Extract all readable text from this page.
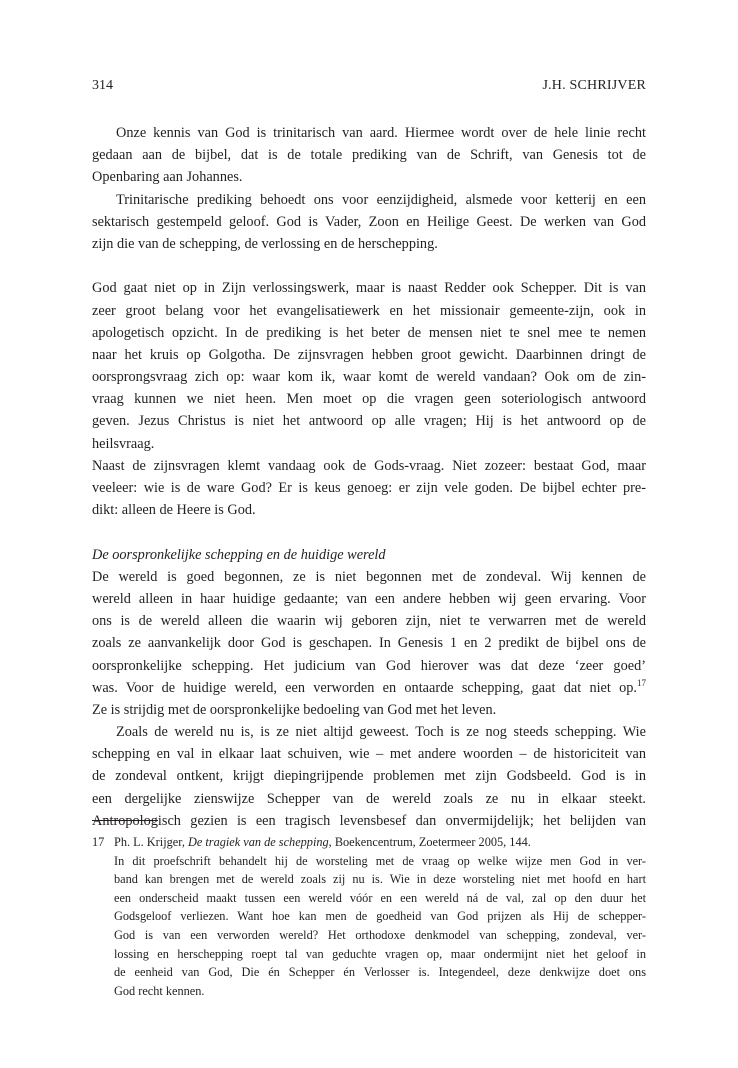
314	J.H. SCHRIJVER
Onze kennis van God is trinitarisch van aard. Hiermee wordt over de hele linie recht
gedaan aan de bijbel, dat is de totale prediking van de Schrift, van Genesis tot de
Openbaring aan Johannes.
Trinitarische prediking behoedt ons voor eenzijdigheid, alsmede voor ketterij en een
sektarisch gestempeld geloof. God is Vader, Zoon en Heilige Geest. De werken van God
zijn die van de schepping, de verlossing en de herschepping.
God gaat niet op in Zijn verlossingswerk, maar is naast Redder ook Schepper. Dit is van
zeer groot belang voor het evangelisatiewerk en het missionair gemeente-zijn, ook in
apologetisch opzicht. In de prediking is het beter de mensen niet te snel mee te nemen
naar het kruis op Golgotha. De zijnsvragen hebben groot gewicht. Daarbinnen dringt de
oorsprongsvraag zich op: waar kom ik, waar komt de wereld vandaan? Ook om de zin-
vraag kunnen we niet heen. Men moet op die vragen geen soteriologisch antwoord
geven. Jezus Christus is niet het antwoord op alle vragen; Hij is het antwoord op de
heilsvraag.
Naast de zijnsvragen klemt vandaag ook de Gods-vraag. Niet zozeer: bestaat God, maar
veeleer: wie is de ware God? Er is keus genoeg: er zijn vele goden. De bijbel echter pre-
dikt: alleen de Heere is God.
De oorspronkelijke schepping en de huidige wereld
De wereld is goed begonnen, ze is niet begonnen met de zondeval. Wij kennen de
wereld alleen in haar huidige gedaante; van een andere hebben wij geen ervaring. Voor
ons is de wereld alleen die waarin wij geboren zijn, niet te verwarren met de wereld
zoals ze aanvankelijk door God is geschapen. In Genesis 1 en 2 predikt de bijbel ons de
oorspronkelijke schepping. Het judicium van God hierover was dat deze ‘zeer goed’
was. Voor de huidige wereld, een verworden en ontaarde schepping, gaat dat niet op.$^{17}$
Ze is strijdig met de oorspronkelijke bedoeling van God met het leven.
Zoals de wereld nu is, is ze niet altijd geweest. Toch is ze nog steeds schepping. Wie
schepping en val in elkaar laat schuiven, wie – met andere woorden – de historiciteit van
de zondeval ontkent, krijgt diepingrijpende problemen met zijn Godsbeeld. God is in
een dergelijke zienswijze Schepper van de wereld zoals ze nu in elkaar steekt.
Antropologisch gezien is een tragisch levensbesef dan onvermijdelijk; het belijden van
17 Ph. L. Krijger, De tragiek van de schepping, Boekencentrum, Zoetermeer 2005, 144.
In dit proefschrift behandelt hij de worsteling met de vraag op welke wijze men God in ver-
band kan brengen met de wereld zoals zij nu is. Wie in deze worsteling niet met hoofd en hart
een onderscheid maakt tussen een wereld vóór en een wereld ná de val, zal op den duur het
Godsgeloof verliezen. Want hoe kan men de goedheid van God prijzen als Hij de schepper-
God is van een verworden wereld? Het orthodoxe denkmodel van schepping, zondeval, ver-
lossing en herschepping roept tal van geduchte vragen op, maar ondermijnt niet het geloof in
de eenheid van God, Die én Schepper én Verlosser is. Integendeel, deze denkwijze doet ons
God recht kennen.
